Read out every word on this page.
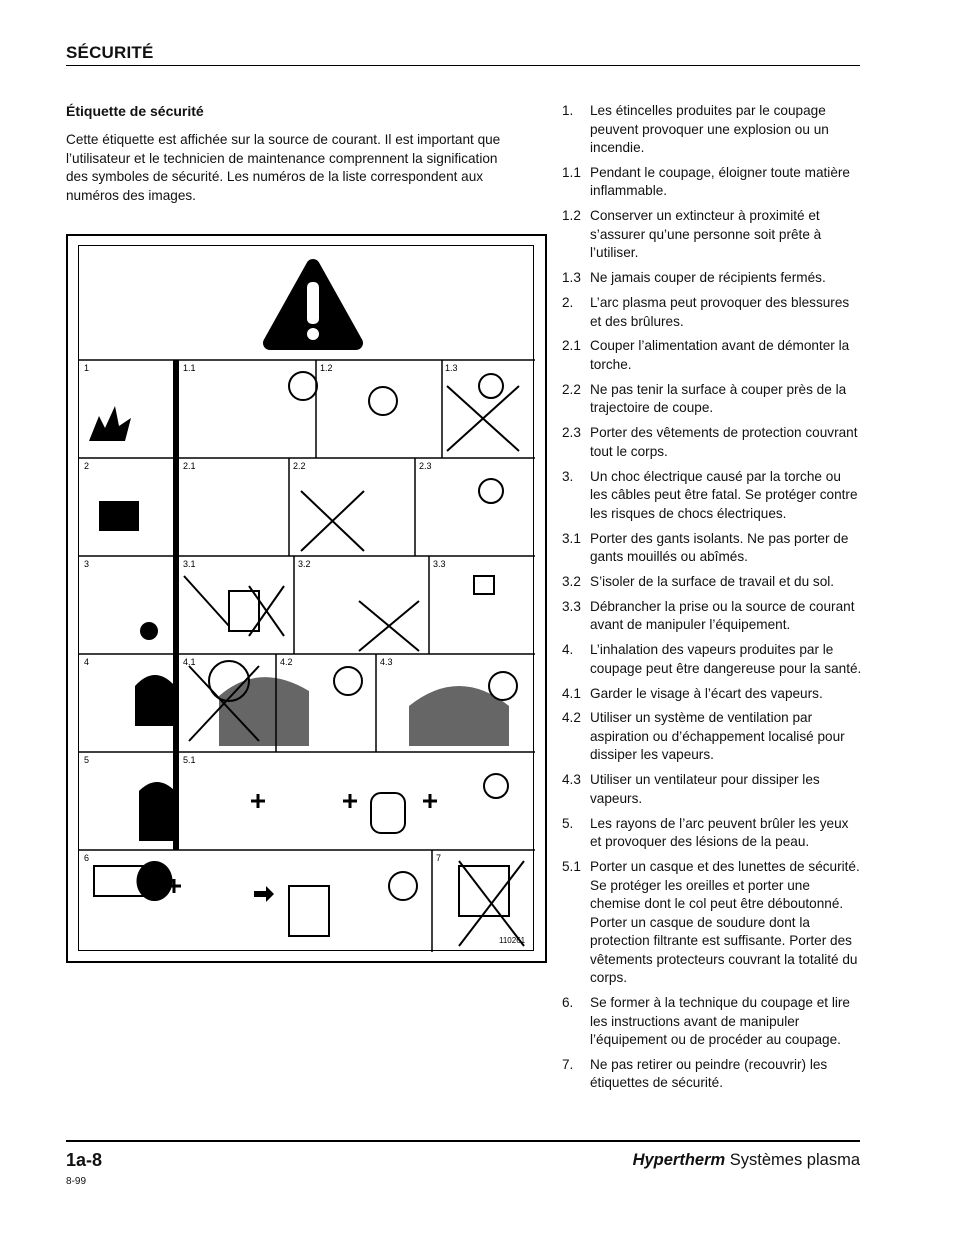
SÉCURITÉ
Étiquette de sécurité
Cette étiquette est affichée sur la source de courant. Il est important que l’utilisateur et le technicien de maintenance comprennent la signification des symboles de sécurité. Les numéros de la liste correspondent aux numéros des images.
1	1.1	1.2	1.3
2	2.1	2.2	2.3
3	3.1	3.2	3.3
4	4.1	4.2	4.3
5	5.1
6	7
110261
1.	Les étincelles produites par le coupage peuvent provoquer une explosion ou un incendie.
1.1 Pendant le coupage, éloigner toute matière inflammable.
1.2 Conserver un extincteur à proximité et s’assurer qu’une personne soit prête à l’utiliser.
1.3 Ne jamais couper de récipients fermés.
2.	L’arc plasma peut provoquer des blessures et des brûlures.
2.1 Couper l’alimentation avant de démonter la torche.
2.2 Ne pas tenir la surface à couper près de la trajectoire de coupe.
2.3 Porter des vêtements de protection couvrant tout le corps.
3.	Un choc électrique causé par la torche ou les câbles peut être fatal. Se protéger contre les risques de chocs électriques.
3.1 Porter des gants isolants. Ne pas porter de gants mouillés ou abîmés.
3.2 S’isoler de la surface de travail et du sol.
3.3 Débrancher la prise ou la source de courant avant de manipuler l’équipement.
4.	L’inhalation des vapeurs produites par le coupage peut être dangereuse pour la santé.
4.1 Garder le visage à l’écart des vapeurs.
4.2 Utiliser un système de ventilation par aspiration ou d’échappement localisé pour dissiper les vapeurs.
4.3 Utiliser un ventilateur pour dissiper les vapeurs.
5.	Les rayons de l’arc peuvent brûler les yeux et provoquer des lésions de la peau.
5.1 Porter un casque et des lunettes de sécurité. Se protéger les oreilles et porter une chemise dont le col peut être déboutonné. Porter un casque de soudure dont la protection filtrante est suffisante. Porter des vêtements protecteurs couvrant la totalité du corps.
6.	Se former à la technique du coupage et lire les instructions avant de manipuler l’équipement ou de procéder au coupage.
7.	Ne pas retirer ou peindre (recouvrir) les étiquettes de sécurité.
1a-8	Hypertherm Systèmes plasma
8-99
